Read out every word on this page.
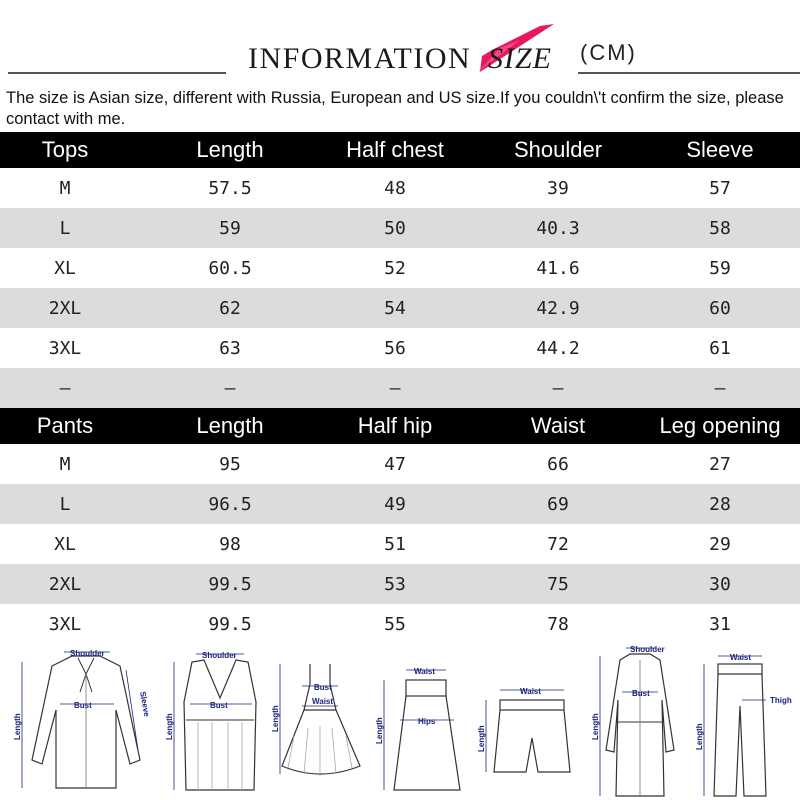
INFORMATION SIZE (CM)
The size is Asian size, different with Russia, European and US size.If you couldn\'t confirm the size, please contact with me.
Tops	Length	Half chest	Shoulder	Sleeve
M	57.5	48	39	57
L	59	50	40.3	58
XL	60.5	52	41.6	59
2XL	62	54	42.9	60
3XL	63	56	44.2	61
–	–	–	–	–
Pants	Length	Half hip	Waist	Leg opening
M	95	47	66	27
L	96.5	49	69	28
XL	98	51	72	29
2XL	99.5	53	75	30
3XL	99.5	55	78	31
Shoulder
Bust	Sleeve
Length
Shoulder
Bust
Length
Bust
Waist
Length
Waist
Hips
Length
Waist
Length
Shoulder
Bust
Length
Waist
Thigh
Length
